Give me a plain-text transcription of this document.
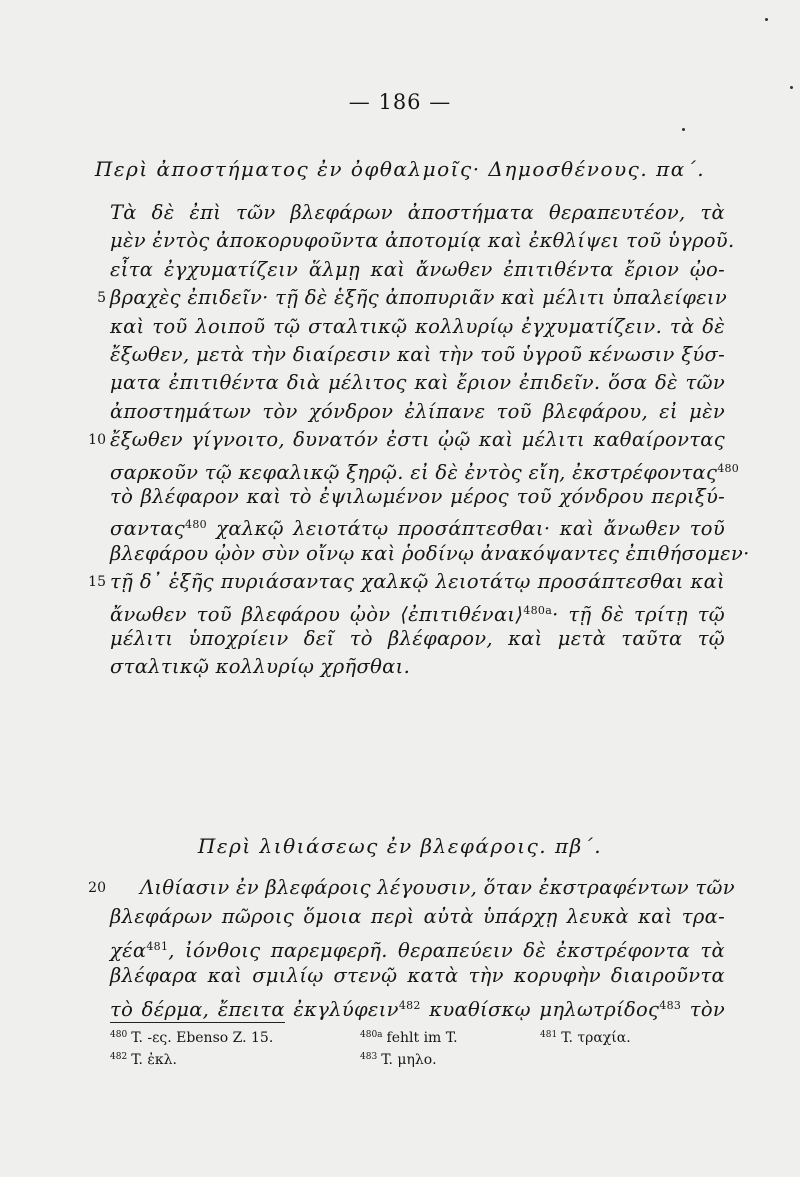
— 186 —
Περὶ ἀποστήματος ἐν ὀφθαλμοῖς· Δημοσθένους. πα΄.
Τὰ δὲ ἐπὶ τῶν βλεφάρων ἀποστήματα θεραπευτέον, τὰ
μὲν ἐντὸς ἀποκορυφοῦντα ἀποτομίᾳ καὶ ἐκθλίψει τοῦ ὑγροῦ.
εἶτα ἐγχυματίζειν ἅλμῃ καὶ ἄνωθεν ἐπιτιθέντα ἔριον ᾠο-
βραχὲς ἐπιδεῖν· τῇ δὲ ἑξῆς ἀποπυριᾶν καὶ μέλιτι ὑπαλείφειν
5
καὶ τοῦ λοιποῦ τῷ σταλτικῷ κολλυρίῳ ἐγχυματίζειν. τὰ δὲ
ἔξωθεν, μετὰ τὴν διαίρεσιν καὶ τὴν τοῦ ὑγροῦ κένωσιν ξύσ-
ματα ἐπιτιθέντα διὰ μέλιτος καὶ ἔριον ἐπιδεῖν. ὅσα δὲ τῶν
ἀποστημάτων τὸν χόνδρον ἐλίπανε τοῦ βλεφάρου, εἰ μὲν
ἔξωθεν γίγνοιτο, δυνατόν ἐστι ᾠῷ καὶ μέλιτι καθαίροντας
10
σαρκοῦν τῷ κεφαλικῷ ξηρῷ. εἰ δὲ ἐντὸς εἴη, ἐκστρέφοντας$^{480}$
τὸ βλέφαρον καὶ τὸ ἐψιλωμένον μέρος τοῦ χόνδρου περιξύ-
σαντας$^{480}$ χαλκῷ λειοτάτῳ προσάπτεσθαι· καὶ ἄνωθεν τοῦ
βλεφάρου ᾠὸν σὺν οἴνῳ καὶ ῥοδίνῳ ἀνακόψαντες ἐπιθήσομεν·
τῇ δ᾽ ἑξῆς πυριάσαντας χαλκῷ λειοτάτῳ προσάπτεσθαι καὶ
15
ἄνωθεν τοῦ βλεφάρου ᾠὸν ⟨ἐπιτιθέναι⟩$^{480a}$· τῇ δὲ τρίτῃ τῷ
μέλιτι ὑποχρίειν δεῖ τὸ βλέφαρον, καὶ μετὰ ταῦτα τῷ
σταλτικῷ κολλυρίῳ χρῆσθαι.
Περὶ λιθιάσεως ἐν βλεφάροις. πβ΄.
Λιθίασιν ἐν βλεφάροις λέγουσιν, ὅταν ἐκστραφέντων τῶν
20
βλεφάρων πῶροις ὅμοια περὶ αὐτὰ ὑπάρχῃ λευκὰ καὶ τρα-
χέα$^{481}$, ἰόνθοις παρεμφερῆ. θεραπεύειν δὲ ἐκστρέφοντα τὰ
βλέφαρα καὶ σμιλίῳ στενῷ κατὰ τὴν κορυφὴν διαιροῦντα
τὸ δέρμα, ἔπειτα ἐκγλύφειν$^{482}$ κυαθίσκῳ μηλωτρίδος$^{483}$ τὸν
$^{480}$ T. -ες. Ebenso Z. 15.	$^{480a}$ fehlt im T.	$^{481}$ T. τραχία.
$^{482}$ T. ἐκλ.	$^{483}$ T. μηλο.
